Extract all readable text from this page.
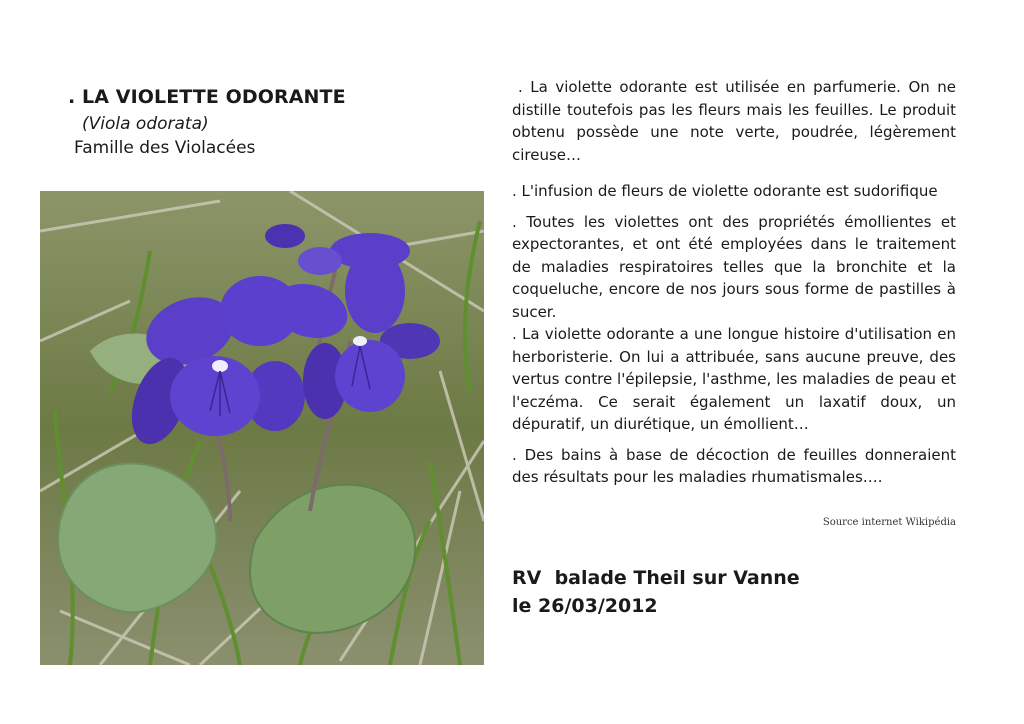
. LA VIOLETTE ODORANTE

(Viola odorata)

Famille des Violacées

. La violette odorante est utilisée en parfumerie. On ne distille toutefois pas les fleurs mais les feuilles. Le produit obtenu possède une note verte, poudrée, légèrement cireuse…

. L'infusion de fleurs de violette odorante est sudorifique

. Toutes les violettes ont des propriétés émollientes et expectorantes, et ont été employées dans le traitement de maladies respiratoires telles que la bronchite et la coqueluche, encore de nos jours sous forme de pastilles à sucer.

. La violette odorante a une longue histoire d'utilisation en herboristerie. On lui a attribuée, sans aucune preuve, des vertus contre l'épilepsie, l'asthme, les maladies de peau et l'eczéma. Ce serait également un laxatif doux, un dépuratif, un diurétique, un émollient…

. Des bains à base de décoction de feuilles donneraient des résultats pour les maladies rhumatismales….

Source internet Wikipédia
RV  balade Theil sur Vanne
le 26/03/2012
